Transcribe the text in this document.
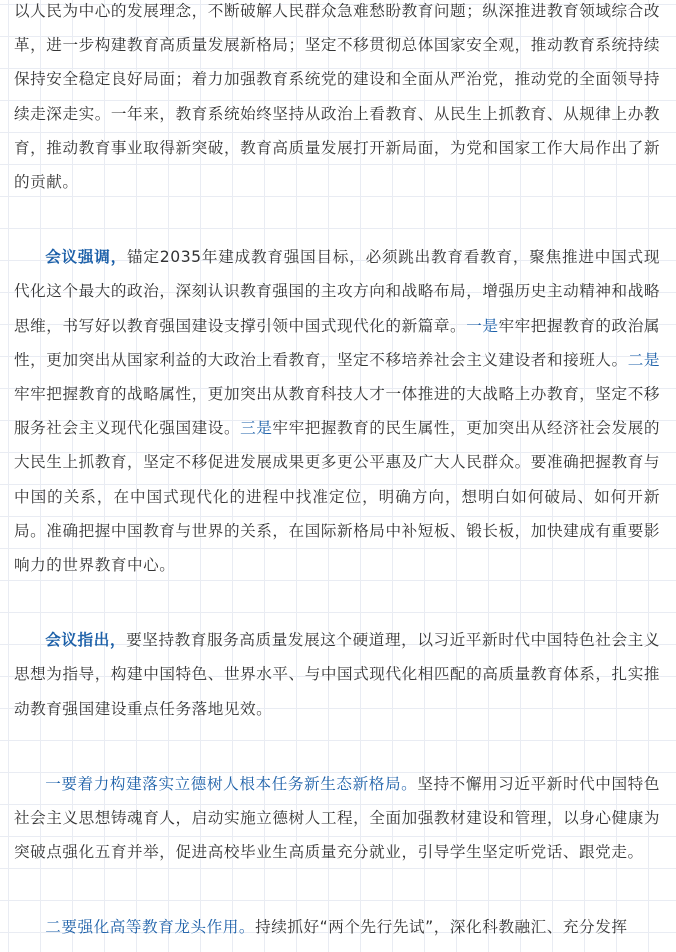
以人民为中心的发展理念，不断破解人民群众急难愁盼教育问题；纵深推进教育领域综合改革，进一步构建教育高质量发展新格局；坚定不移贯彻总体国家安全观，推动教育系统持续保持安全稳定良好局面；着力加强教育系统党的建设和全面从严治党，推动党的全面领导持续走深走实。一年来，教育系统始终坚持从政治上看教育、从民生上抓教育、从规律上办教育，推动教育事业取得新突破，教育高质量发展打开新局面，为党和国家工作大局作出了新的贡献。

会议强调，锚定2035年建成教育强国目标，必须跳出教育看教育，聚焦推进中国式现代化这个最大的政治，深刻认识教育强国的主攻方向和战略布局，增强历史主动精神和战略思维，书写好以教育强国建设支撑引领中国式现代化的新篇章。一是牢牢把握教育的政治属性，更加突出从国家利益的大政治上看教育，坚定不移培养社会主义建设者和接班人。二是牢牢把握教育的战略属性，更加突出从教育科技人才一体推进的大战略上办教育，坚定不移服务社会主义现代化强国建设。三是牢牢把握教育的民生属性，更加突出从经济社会发展的大民生上抓教育，坚定不移促进发展成果更多更公平惠及广大人民群众。要准确把握教育与中国的关系，在中国式现代化的进程中找准定位，明确方向，想明白如何破局、如何开新局。准确把握中国教育与世界的关系，在国际新格局中补短板、锻长板，加快建成有重要影响力的世界教育中心。

会议指出，要坚持教育服务高质量发展这个硬道理，以习近平新时代中国特色社会主义思想为指导，构建中国特色、世界水平、与中国式现代化相匹配的高质量教育体系，扎实推动教育强国建设重点任务落地见效。

一要着力构建落实立德树人根本任务新生态新格局。坚持不懈用习近平新时代中国特色社会主义思想铸魂育人，启动实施立德树人工程，全面加强教材建设和管理，以身心健康为突破点强化五育并举，促进高校毕业生高质量充分就业，引导学生坚定听党话、跟党走。

二要强化高等教育龙头作用。持续抓好“两个先行先试”，深化科教融汇、充分发挥
